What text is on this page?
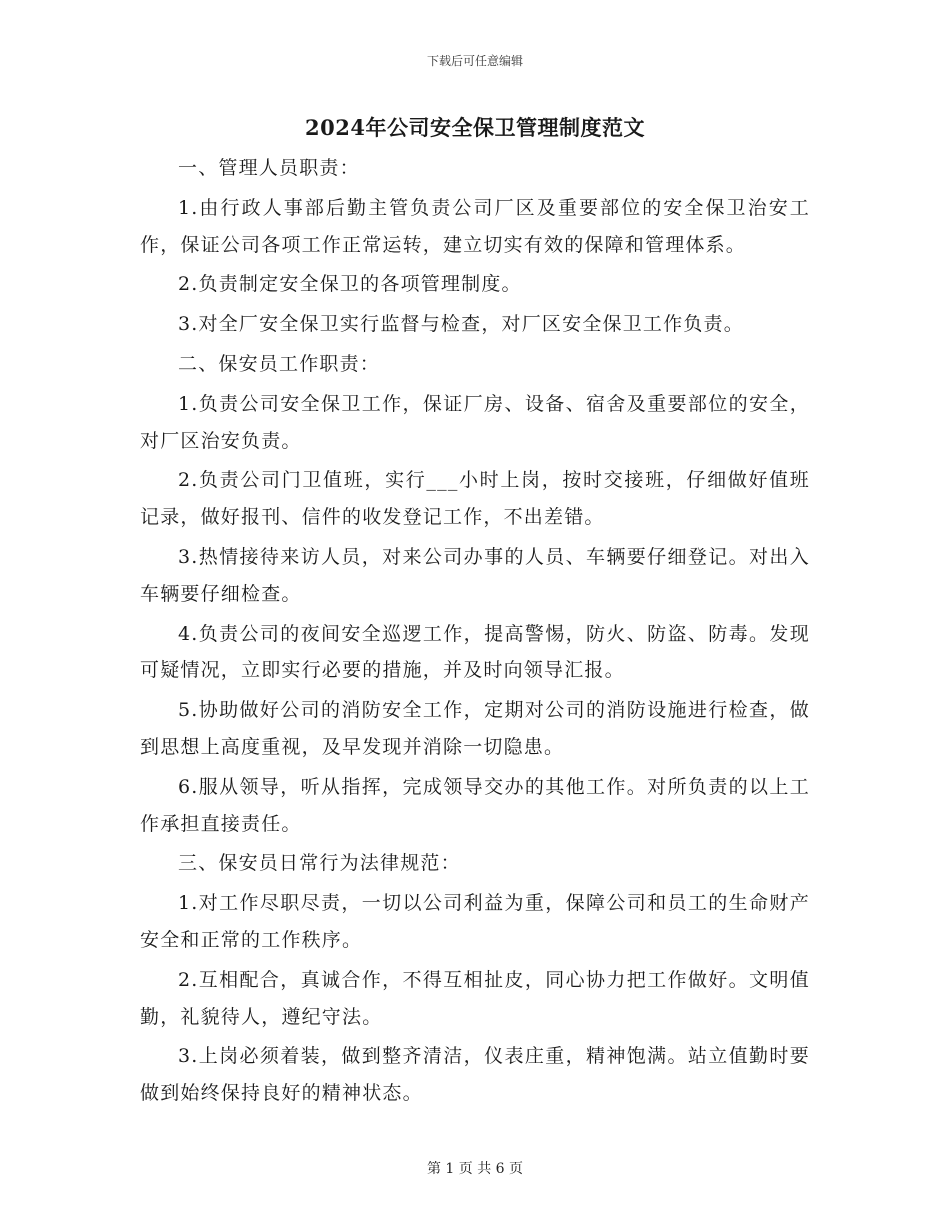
下载后可任意编辑
2024年公司安全保卫管理制度范文

一、管理人员职责：

1.由行政人事部后勤主管负责公司厂区及重要部位的安全保卫治安工作，保证公司各项工作正常运转，建立切实有效的保障和管理体系。

2.负责制定安全保卫的各项管理制度。

3.对全厂安全保卫实行监督与检查，对厂区安全保卫工作负责。

二、保安员工作职责：

1.负责公司安全保卫工作，保证厂房、设备、宿舍及重要部位的安全，对厂区治安负责。

2.负责公司门卫值班，实行___小时上岗，按时交接班，仔细做好值班记录，做好报刊、信件的收发登记工作，不出差错。

3.热情接待来访人员，对来公司办事的人员、车辆要仔细登记。对出入车辆要仔细检查。

4.负责公司的夜间安全巡逻工作，提高警惕，防火、防盗、防毒。发现可疑情况，立即实行必要的措施，并及时向领导汇报。

5.协助做好公司的消防安全工作，定期对公司的消防设施进行检查，做到思想上高度重视，及早发现并消除一切隐患。

6.服从领导，听从指挥，完成领导交办的其他工作。对所负责的以上工作承担直接责任。

三、保安员日常行为法律规范：

1.对工作尽职尽责，一切以公司利益为重，保障公司和员工的生命财产安全和正常的工作秩序。

2.互相配合，真诚合作，不得互相扯皮，同心协力把工作做好。文明值勤，礼貌待人，遵纪守法。

3.上岗必须着装，做到整齐清洁，仪表庄重，精神饱满。站立值勤时要做到始终保持良好的精神状态。

第 1 页 共 6 页
